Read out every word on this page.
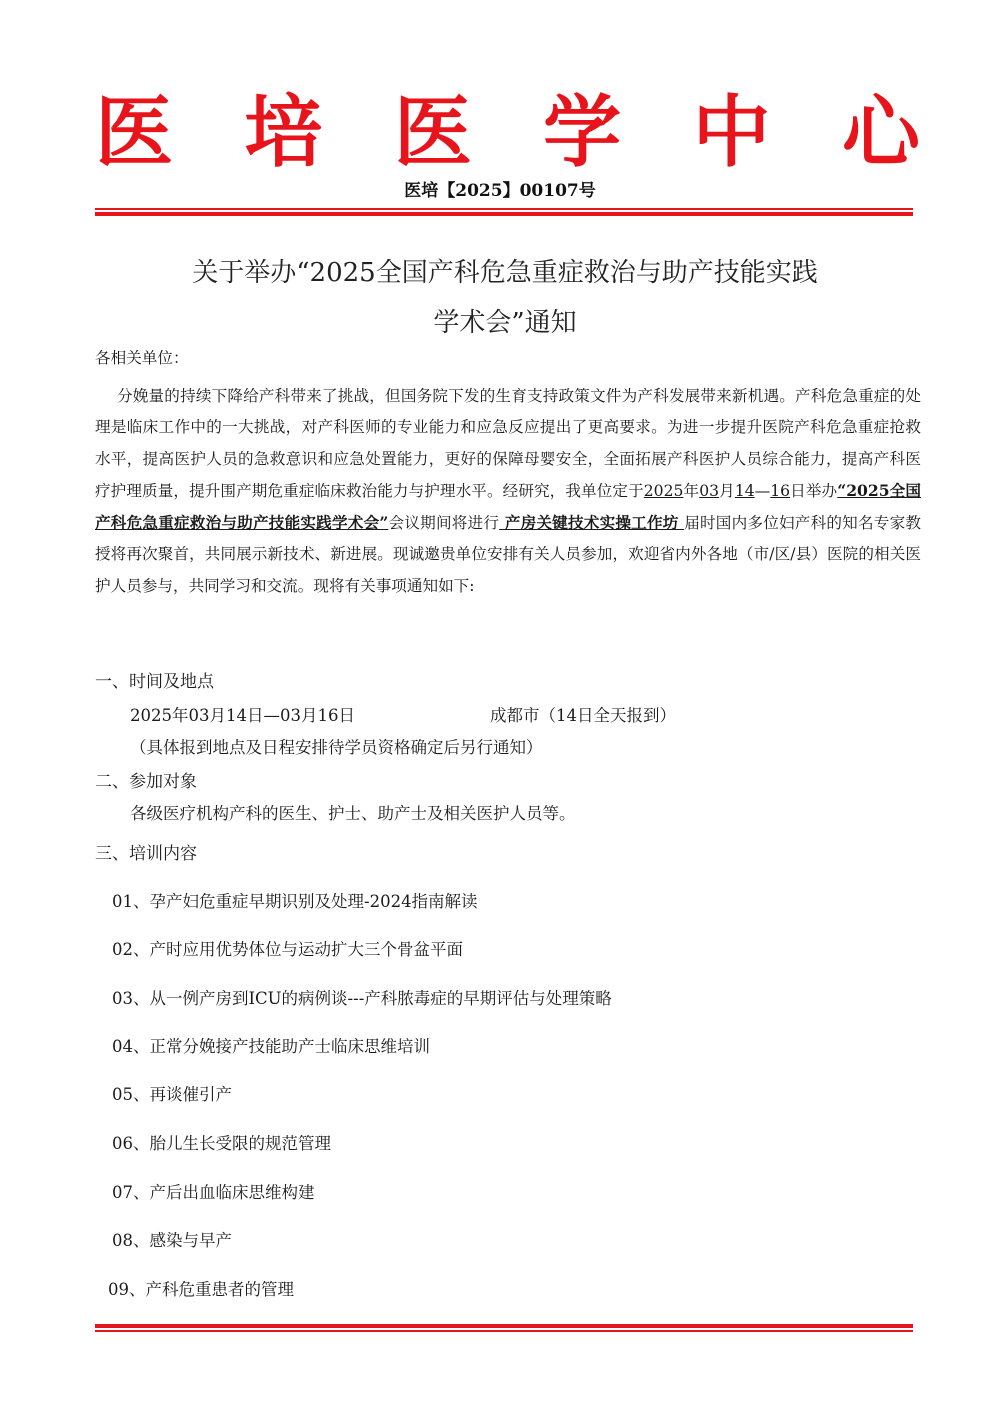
医 培 医 学 中 心
医培【2025】00107号
关于举办“2025全国产科危急重症救治与助产技能实践
学术会”通知
各相关单位：
分娩量的持续下降给产科带来了挑战，但国务院下发的生育支持政策文件为产科发展带来新机遇。产科危急重症的处理是临床工作中的一大挑战，对产科医师的专业能力和应急反应提出了更高要求。为进一步提升医院产科危急重症抢救水平，提高医护人员的急救意识和应急处置能力，更好的保障母婴安全，全面拓展产科医护人员综合能力，提高产科医疗护理质量，提升围产期危重症临床救治能力与护理水平。经研究，我单位定于2025年03月14—16日举办“2025全国产科危急重症救治与助产技能实践学术会”会议期间将进行 产房关键技术实操工作坊 届时国内多位妇产科的知名专家教授将再次聚首，共同展示新技术、新进展。现诚邀贵单位安排有关人员参加，欢迎省内外各地（市/区/县）医院的相关医护人员参与，共同学习和交流。现将有关事项通知如下:
一、时间及地点
2025年03月14日—03月16日	成都市（14日全天报到）
（具体报到地点及日程安排待学员资格确定后另行通知）
二、参加对象
各级医疗机构产科的医生、护士、助产士及相关医护人员等。
三、培训内容
01、孕产妇危重症早期识别及处理-2024指南解读
02、产时应用优势体位与运动扩大三个骨盆平面
03、从一例产房到ICU的病例谈---产科脓毒症的早期评估与处理策略
04、正常分娩接产技能助产士临床思维培训
05、再谈催引产
06、胎儿生长受限的规范管理
07、产后出血临床思维构建
08、感染与早产
09、产科危重患者的管理
